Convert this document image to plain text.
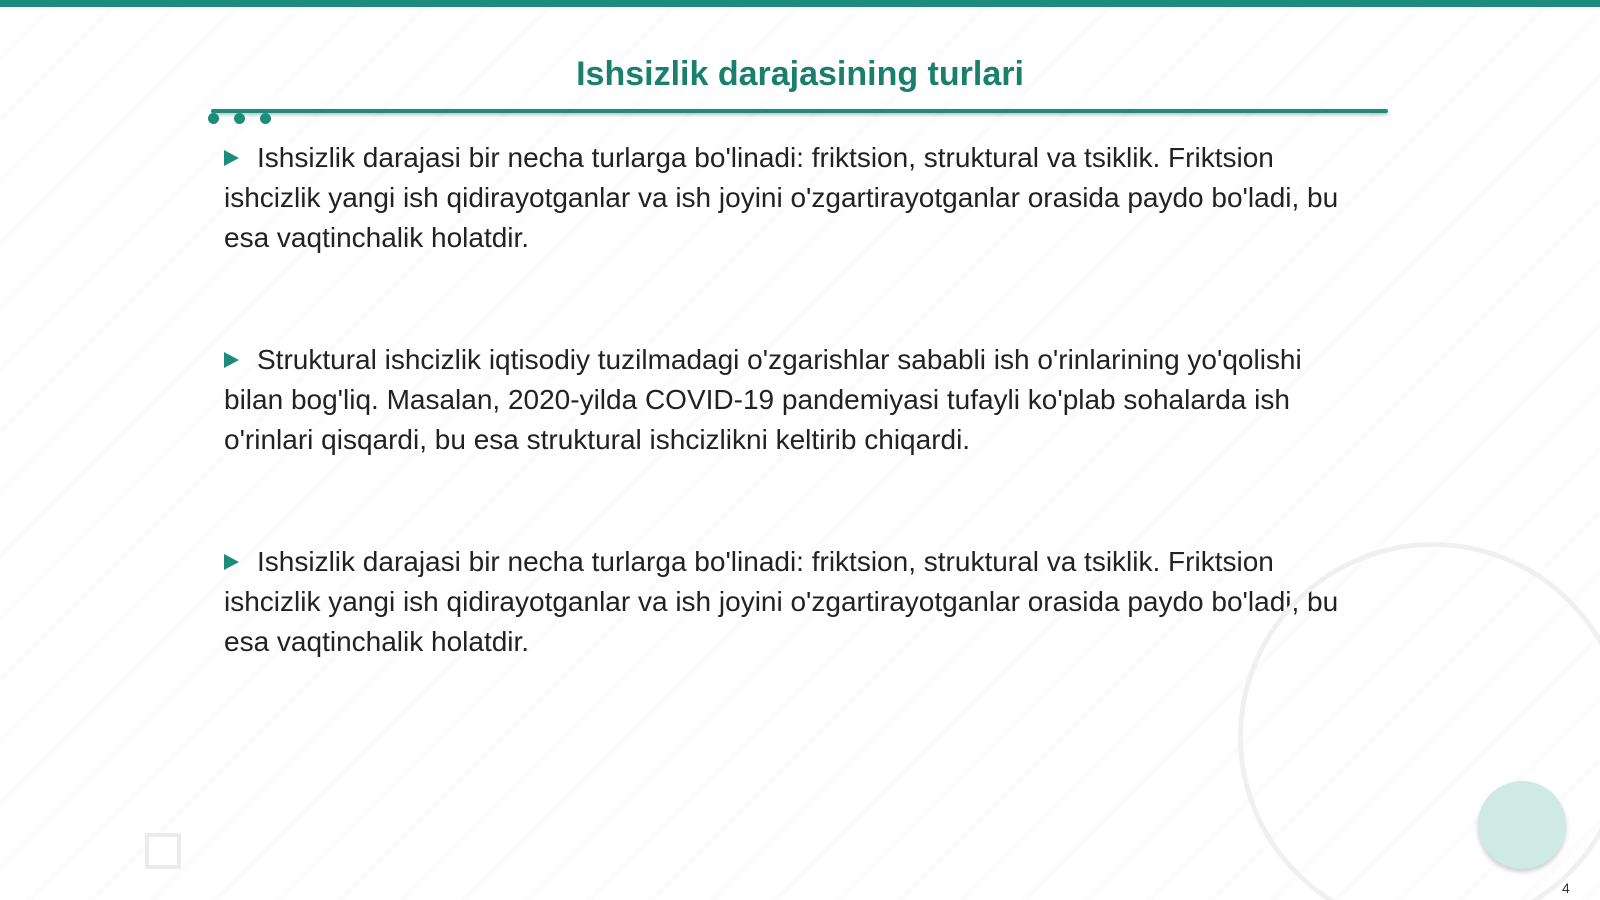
Ishsizlik darajasining turlari

Ishsizlik darajasi bir necha turlarga bo'linadi: friktsion, struktural va tsiklik. Friktsion ishcizlik yangi ish qidirayotganlar va ish joyini o'zgartirayotganlar orasida paydo bo'ladi, bu esa vaqtinchalik holatdir.

Struktural ishcizlik iqtisodiy tuzilmadagi o'zgarishlar sababli ish o'rinlarining yo'qolishi bilan bog'liq. Masalan, 2020-yilda COVID-19 pandemiyasi tufayli ko'plab sohalarda ish o'rinlari qisqardi, bu esa struktural ishcizlikni keltirib chiqardi.

Ishsizlik darajasi bir necha turlarga bo'linadi: friktsion, struktural va tsiklik. Friktsion ishcizlik yangi ish qidirayotganlar va ish joyini o'zgartirayotganlar orasida paydo bo'ladi, bu esa vaqtinchalik holatdir.

4
